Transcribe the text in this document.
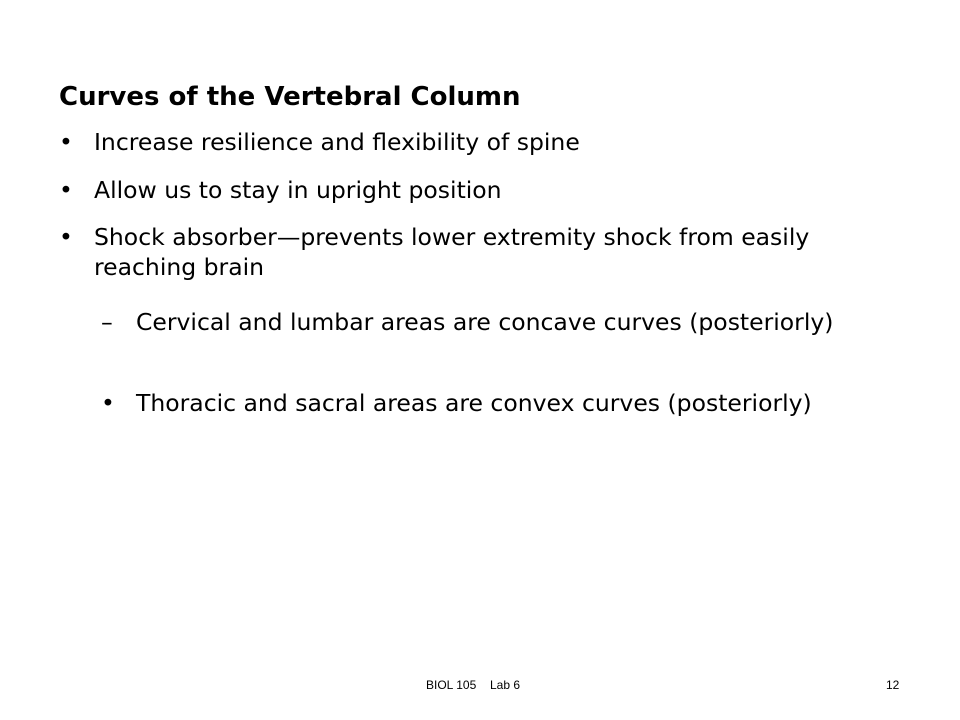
Curves of the Vertebral Column
• Increase resilience and flexibility of spine
• Allow us to stay in upright position
• Shock absorber—prevents lower extremity shock from easily reaching brain
– Cervical and lumbar areas are concave curves (posteriorly)
• Thoracic and sacral areas are convex curves (posteriorly)
BIOL 105 Lab 6	12
